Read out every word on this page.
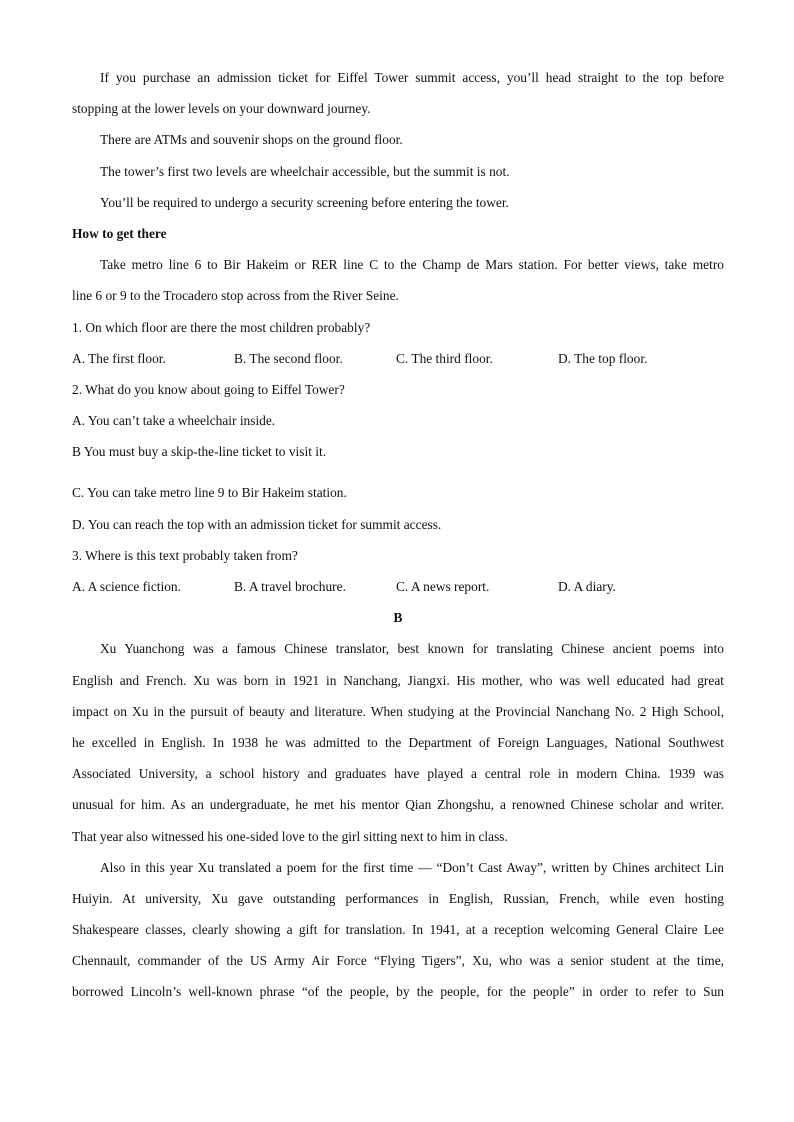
If you purchase an admission ticket for Eiffel Tower summit access, you’ll head straight to the top before
stopping at the lower levels on your downward journey.
There are ATMs and souvenir shops on the ground floor.
The tower’s first two levels are wheelchair accessible, but the summit is not.
You’ll be required to undergo a security screening before entering the tower.
How to get there
Take metro line 6 to Bir Hakeim or RER line C to the Champ de Mars station. For better views, take metro
line 6 or 9 to the Trocadero stop across from the River Seine.
1. On which floor are there the most children probably?
A. The first floor.	B. The second floor.	C. The third floor.	D. The top floor.
2. What do you know about going to Eiffel Tower?
A. You can’t take a wheelchair inside.
B You must buy a skip-the-line ticket to visit it.
C. You can take metro line 9 to Bir Hakeim station.
D. You can reach the top with an admission ticket for summit access.
3. Where is this text probably taken from?
A. A science fiction.	B. A travel brochure.	C. A news report.	D. A diary.
B
Xu Yuanchong was a famous Chinese translator, best known for translating Chinese ancient poems into
English and French. Xu was born in 1921 in Nanchang, Jiangxi. His mother, who was well educated had great
impact on Xu in the pursuit of beauty and literature. When studying at the Provincial Nanchang No. 2 High School,
he excelled in English. In 1938 he was admitted to the Department of Foreign Languages, National Southwest
Associated University, a school history and graduates have played a central role in modern China. 1939 was
unusual for him. As an undergraduate, he met his mentor Qian Zhongshu, a renowned Chinese scholar and writer.
That year also witnessed his one-sided love to the girl sitting next to him in class.
Also in this year Xu translated a poem for the first time — “Don’t Cast Away”, written by Chines architect Lin
Huiyin. At university, Xu gave outstanding performances in English, Russian, French, while even hosting
Shakespeare classes, clearly showing a gift for translation. In 1941, at a reception welcoming General Claire Lee
Chennault, commander of the US Army Air Force “Flying Tigers”, Xu, who was a senior student at the time,
borrowed Lincoln’s well-known phrase “of the people, by the people, for the people” in order to refer to Sun
